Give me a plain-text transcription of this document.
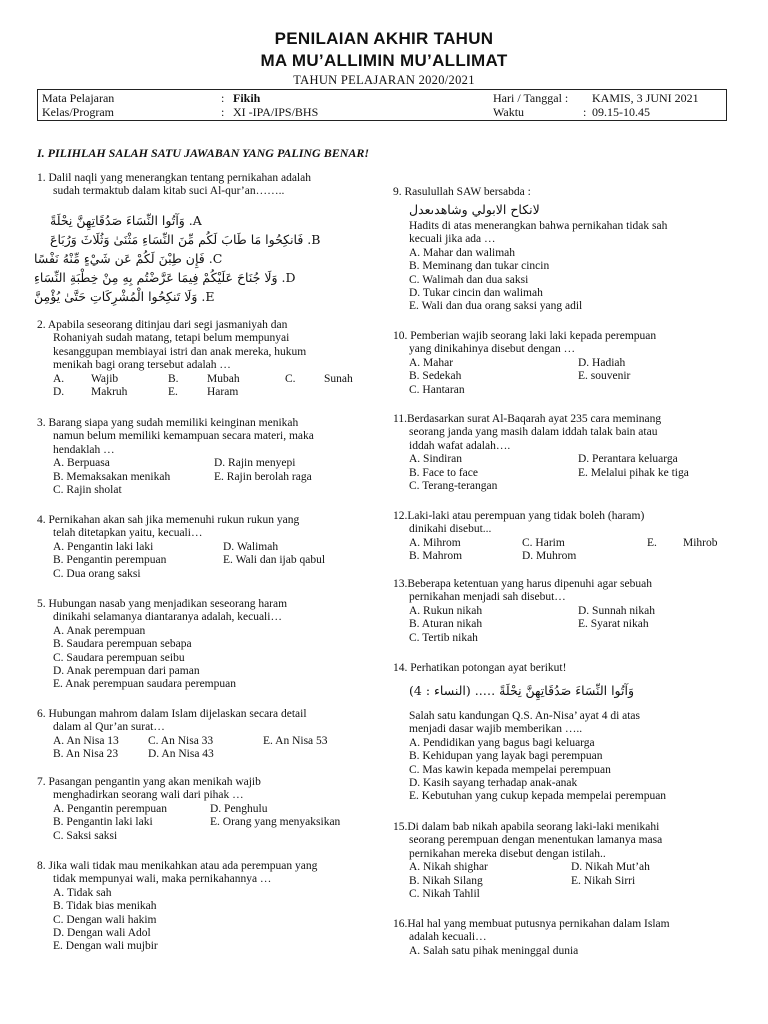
PENILAIAN AKHIR TAHUN
MA MU’ALLIMIN MU’ALLIMAT
TAHUN PELAJARAN 2020/2021
Mata Pelajaran	: Fikih
Kelas/Program	: XI -IPA/IPS/BHS
Hari / Tanggal : KAMIS, 3 JUNI 2021
Waktu	: 09.15-10.45
I. PILIHLAH SALAH SATU JAWABAN YANG PALING BENAR!
1. Dalil naqli yang menerangkan tentang pernikahan adalah
sudah termaktub dalam kitab suci Al-qur’an……..
A. وَآتُوا النِّسَاءَ صَدُقَاتِهِنَّ نِحْلَةً
B. فَانكِحُوا مَا طَابَ لَكُم مِّنَ النِّسَاءِ مَثْنَىٰ وَثُلَاثَ وَرُبَاعَ
C. فَإِن طِبْنَ لَكُمْ عَن شَيْءٍ مِّنْهُ نَفْسًا
D. وَلَا جُنَاحَ عَلَيْكُمْ فِيمَا عَرَّضْتُم بِهِ مِنْ خِطْبَةِ النِّسَاءِ
E. وَلَا تَنكِحُوا الْمُشْرِكَاتِ حَتَّىٰ يُؤْمِنَّ
2. Apabila seseorang ditinjau dari segi jasmaniyah dan
Rohaniyah sudah matang, tetapi belum mempunyai
kesanggupan membiayai istri dan anak mereka, hukum
menikah bagi orang tersebut adalah …
A. Wajib	B. Mubah	C. Sunah
D. Makruh	E.	Haram
3. Barang siapa yang sudah memiliki keinginan menikah
namun belum memiliki kemampuan secara materi, maka
hendaklah …
A. Berpuasa	D. Rajin menyepi
B. Memaksakan menikah	E. Rajin berolah raga
C. Rajin sholat
4. Pernikahan akan sah jika memenuhi rukun rukun yang
telah ditetapkan yaitu, kecuali…
A. Pengantin laki laki	D. Walimah
B. Pengantin perempuan	E. Wali dan ijab qabul
C. Dua orang saksi
5. Hubungan nasab yang menjadikan seseorang haram
dinikahi selamanya diantaranya adalah, kecuali…
A. Anak perempuan
B. Saudara perempuan sebapa
C. Saudara perempuan seibu
D. Anak perempuan dari paman
E. Anak perempuan saudara perempuan
6. Hubungan mahrom dalam Islam dijelaskan secara detail
dalam al Qur’an surat…
A. An Nisa 13	C. An Nisa 33	E. An Nisa 53
B. An Nisa 23	D. An Nisa 43
7. Pasangan pengantin yang akan menikah wajib
menghadirkan seorang wali dari pihak …
A. Pengantin perempuan	D. Penghulu
B. Pengantin laki laki	E. Orang yang menyaksikan
C. Saksi saksi
8. Jika wali tidak mau menikahkan atau ada perempuan yang
tidak mempunyai wali, maka pernikahannya …
A. Tidak sah
B. Tidak bias menikah
C. Dengan wali hakim
D. Dengan wali Adol
E. Dengan wali mujbir
9. Rasulullah SAW bersabda :
لانكاح الابولي وشاهدىعدل
Hadits di atas menerangkan bahwa pernikahan tidak sah
kecuali jika ada …
A. Mahar dan walimah
B. Meminang dan tukar cincin
C. Walimah dan dua saksi
D. Tukar cincin dan walimah
E. Wali dan dua orang saksi yang adil
10. Pemberian wajib seorang laki laki kepada perempuan
yang dinikahinya disebut dengan …
A. Mahar	D. Hadiah
B. Sedekah	E. souvenir
C. Hantaran
11.Berdasarkan surat Al-Baqarah ayat 235 cara meminang
seorang janda yang masih dalam iddah talak bain atau
iddah wafat adalah….
A. Sindiran	D. Perantara keluarga
B. Face to face	E. Melalui pihak ke tiga
C. Terang-terangan
12.Laki-laki atau perempuan yang tidak boleh (haram)
dinikahi disebut...
A. Mihrom	C. Harim	E. Mihrob
B. Mahrom	D. Muhrom
13.Beberapa ketentuan yang harus dipenuhi agar sebuah
pernikahan menjadi sah disebut…
A. Rukun nikah	D. Sunnah nikah
B. Aturan nikah	E. Syarat nikah
C. Tertib nikah
14. Perhatikan potongan ayat berikut!
وَآتُوا النِّسَاءَ صَدُقَاتِهِنَّ نِحْلَةً ….. (النساء : 4)
Salah satu kandungan Q.S. An-Nisa’ ayat 4 di atas
menjadi dasar wajib memberikan …..
A. Pendidikan yang bagus bagi keluarga
B. Kehidupan yang layak bagi perempuan
C. Mas kawin kepada mempelai perempuan
D. Kasih sayang terhadap anak-anak
E. Kebutuhan yang cukup kepada mempelai perempuan
15.Di dalam bab nikah apabila seorang laki-laki menikahi
seorang perempuan dengan menentukan lamanya masa
pernikahan mereka disebut dengan istilah..
A. Nikah shighar	D. Nikah Mut’ah
B. Nikah Silang	E. Nikah Sirri
C. Nikah Tahlil
16.Hal hal yang membuat putusnya pernikahan dalam Islam
adalah kecuali…
A. Salah satu pihak meninggal dunia
